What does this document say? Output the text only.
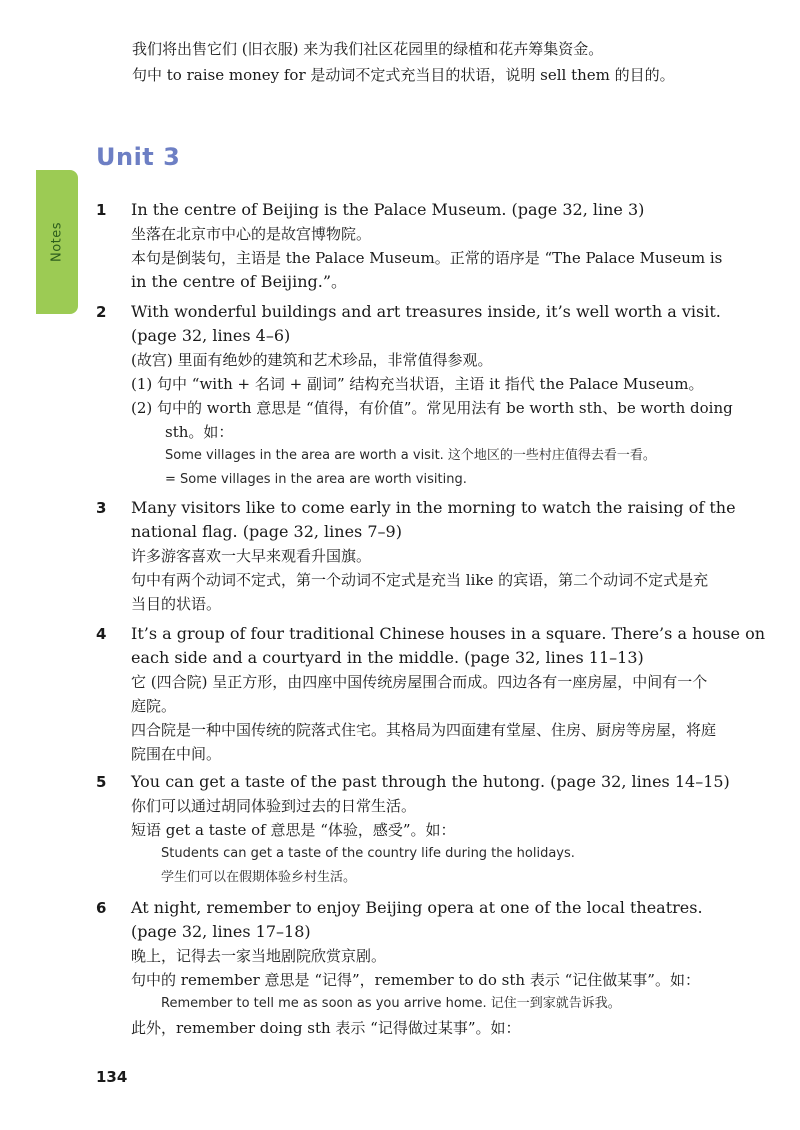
我们将出售它们 (旧衣服) 来为我们社区花园里的绿植和花卉筹集资金。
句中 to raise money for 是动词不定式充当目的状语，说明 sell them 的目的。
Unit 3
Notes
1	In the centre of Beijing is the Palace Museum. (page 32, line 3)
坐落在北京市中心的是故宫博物院。
本句是倒装句，主语是 the Palace Museum。正常的语序是 “The Palace Museum is
in the centre of Beijing.”。
2	With wonderful buildings and art treasures inside, it’s well worth a visit.
(page 32, lines 4–6)
(故宫) 里面有绝妙的建筑和艺术珍品，非常值得参观。
(1) 句中 “with + 名词 + 副词” 结构充当状语，主语 it 指代 the Palace Museum。
(2) 句中的 worth 意思是 “值得，有价值”。常见用法有 be worth sth、be worth doing
sth。如：
Some villages in the area are worth a visit. 这个地区的一些村庄值得去看一看。
= Some villages in the area are worth visiting.
3	Many visitors like to come early in the morning to watch the raising of the
national flag. (page 32, lines 7–9)
许多游客喜欢一大早来观看升国旗。
句中有两个动词不定式，第一个动词不定式是充当 like 的宾语，第二个动词不定式是充
当目的状语。
4	It’s a group of four traditional Chinese houses in a square. There’s a house on
each side and a courtyard in the middle. (page 32, lines 11–13)
它 (四合院) 呈正方形，由四座中国传统房屋围合而成。四边各有一座房屋，中间有一个
庭院。
四合院是一种中国传统的院落式住宅。其格局为四面建有堂屋、住房、厨房等房屋，将庭
院围在中间。
5	You can get a taste of the past through the hutong. (page 32, lines 14–15)
你们可以通过胡同体验到过去的日常生活。
短语 get a taste of 意思是 “体验，感受”。如：
Students can get a taste of the country life during the holidays.
学生们可以在假期体验乡村生活。
6	At night, remember to enjoy Beijing opera at one of the local theatres.
(page 32, lines 17–18)
晚上，记得去一家当地剧院欣赏京剧。
句中的 remember 意思是 “记得”，remember to do sth 表示 “记住做某事”。如：
Remember to tell me as soon as you arrive home. 记住一到家就告诉我。
此外，remember doing sth 表示 “记得做过某事”。如：
134
